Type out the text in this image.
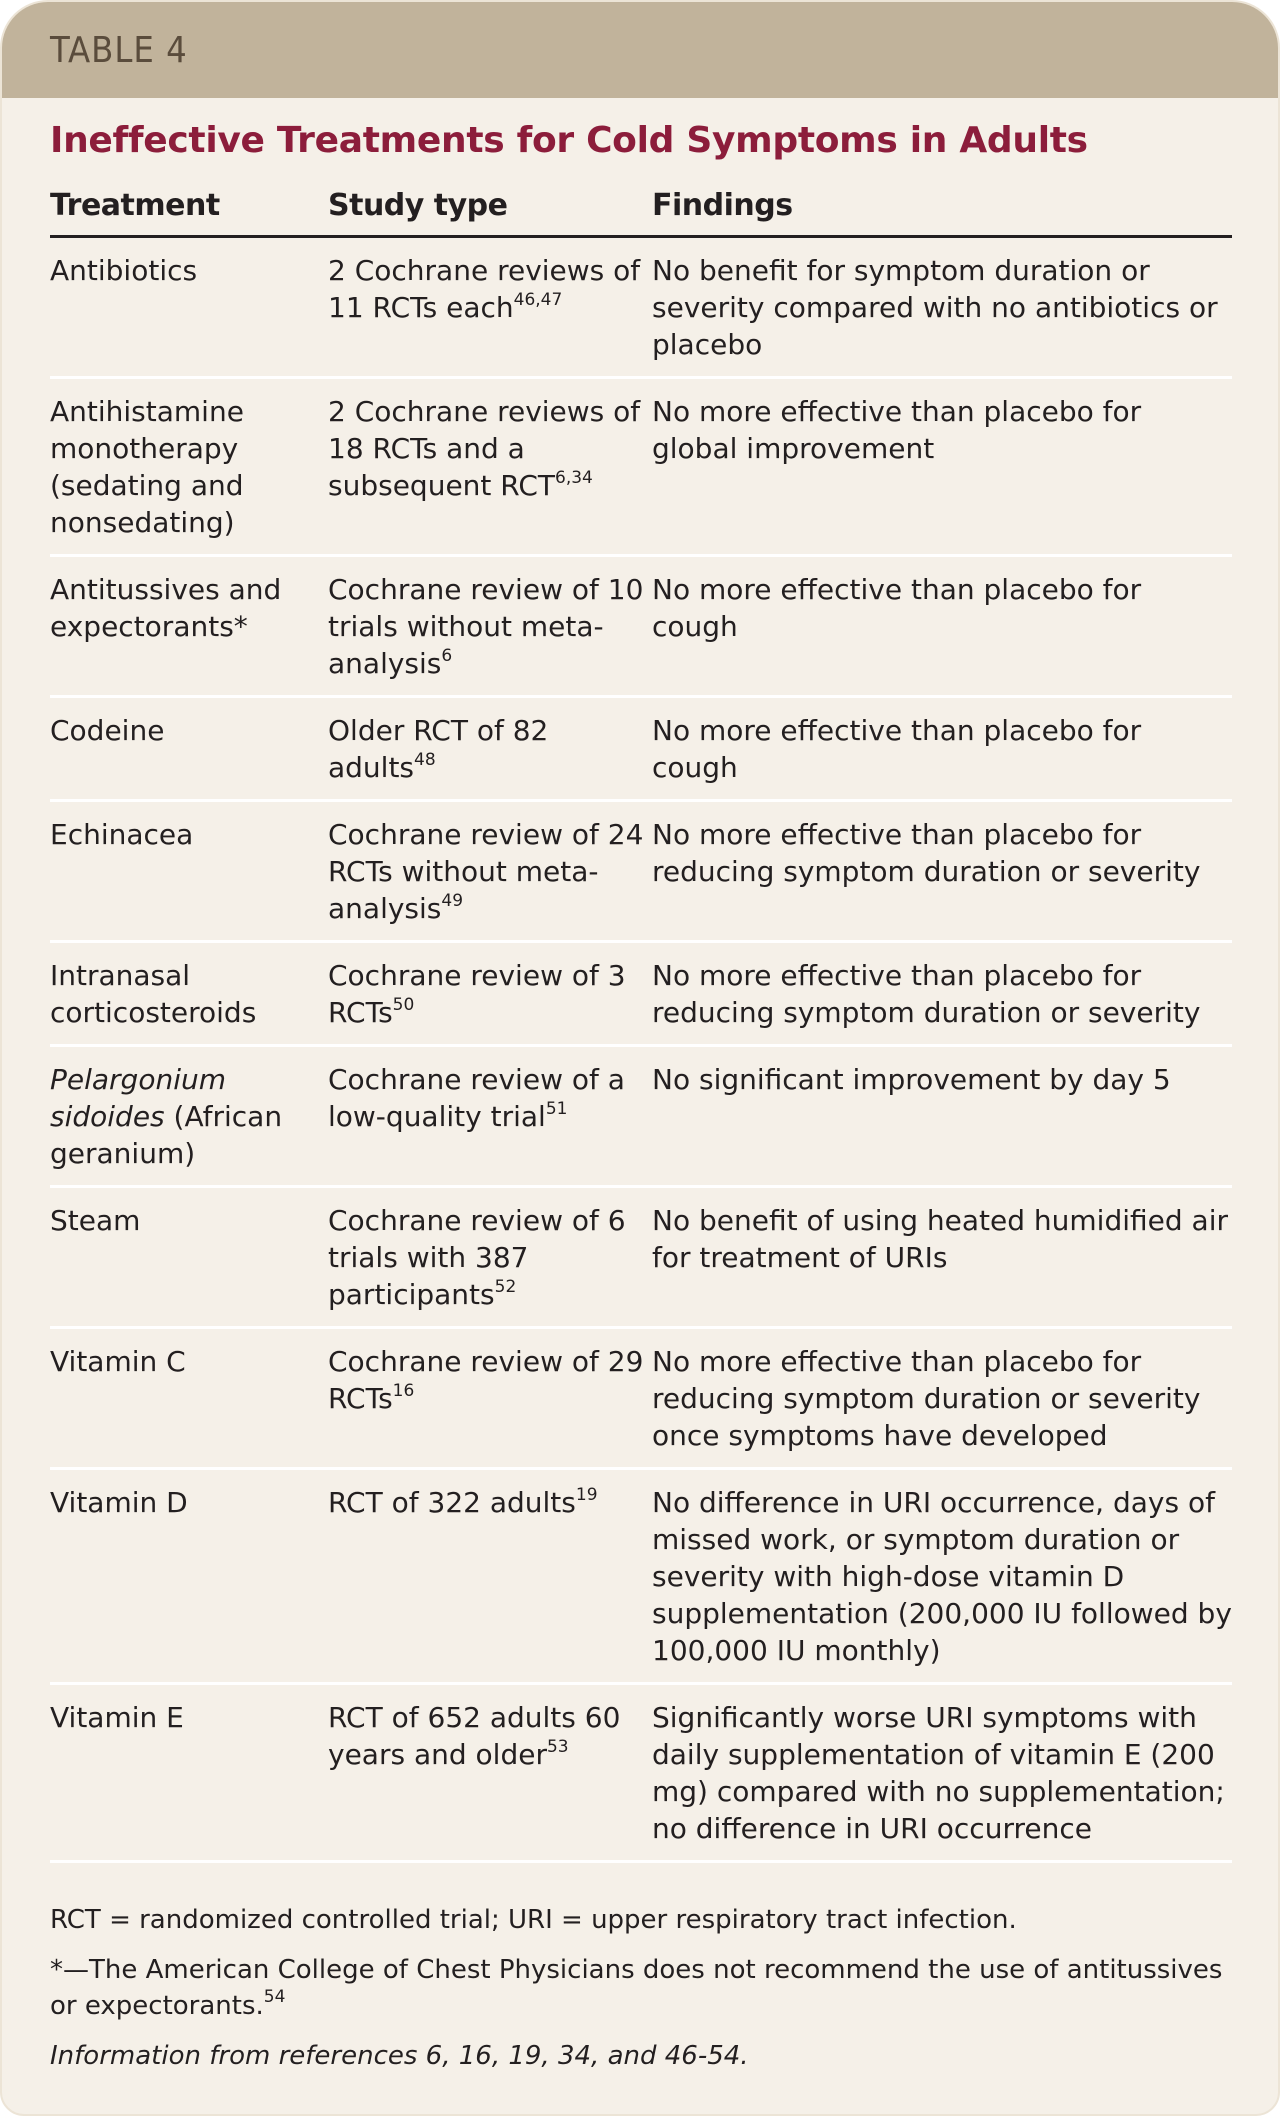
TABLE 4
Ineffective Treatments for Cold Symptoms in Adults
Treatment	Study type	Findings
Antibiotics	2 Cochrane reviews of 11 RCTs each$^{46,47}$	No benefit for symptom duration or severity compared with no antibiotics or placebo
Antihistamine monotherapy (sedating and nonsedating)	2 Cochrane reviews of 18 RCTs and a subsequent RCT$^{6,34}$	No more effective than placebo for global improvement
Antitussives and expectorants*	Cochrane review of 10 trials without meta-analysis$^6$	No more effective than placebo for cough
Codeine	Older RCT of 82 adults$^{48}$	No more effective than placebo for cough
Echinacea	Cochrane review of 24 RCTs without meta-analysis$^{49}$	No more effective than placebo for reducing symptom duration or severity
Intranasal corticosteroids	Cochrane review of 3 RCTs$^{50}$	No more effective than placebo for reducing symptom duration or severity
Pelargonium sidoides (African geranium)	Cochrane review of a low-quality trial$^{51}$	No significant improvement by day 5
Steam	Cochrane review of 6 trials with 387 participants$^{52}$	No benefit of using heated humidified air for treatment of URIs
Vitamin C	Cochrane review of 29 RCTs$^{16}$	No more effective than placebo for reducing symptom duration or severity once symptoms have developed
Vitamin D	RCT of 322 adults$^{19}$	No difference in URI occurrence, days of missed work, or symptom duration or severity with high-dose vitamin D supplementation (200,000 IU followed by 100,000 IU monthly)
Vitamin E	RCT of 652 adults 60 years and older$^{53}$	Significantly worse URI symptoms with daily supplementation of vitamin E (200 mg) compared with no supplementation; no difference in URI occurrence

RCT = randomized controlled trial; URI = upper respiratory tract infection.

*—The American College of Chest Physicians does not recommend the use of antitussives or expectorants.$^{54}$

Information from references 6, 16, 19, 34, and 46-54.
